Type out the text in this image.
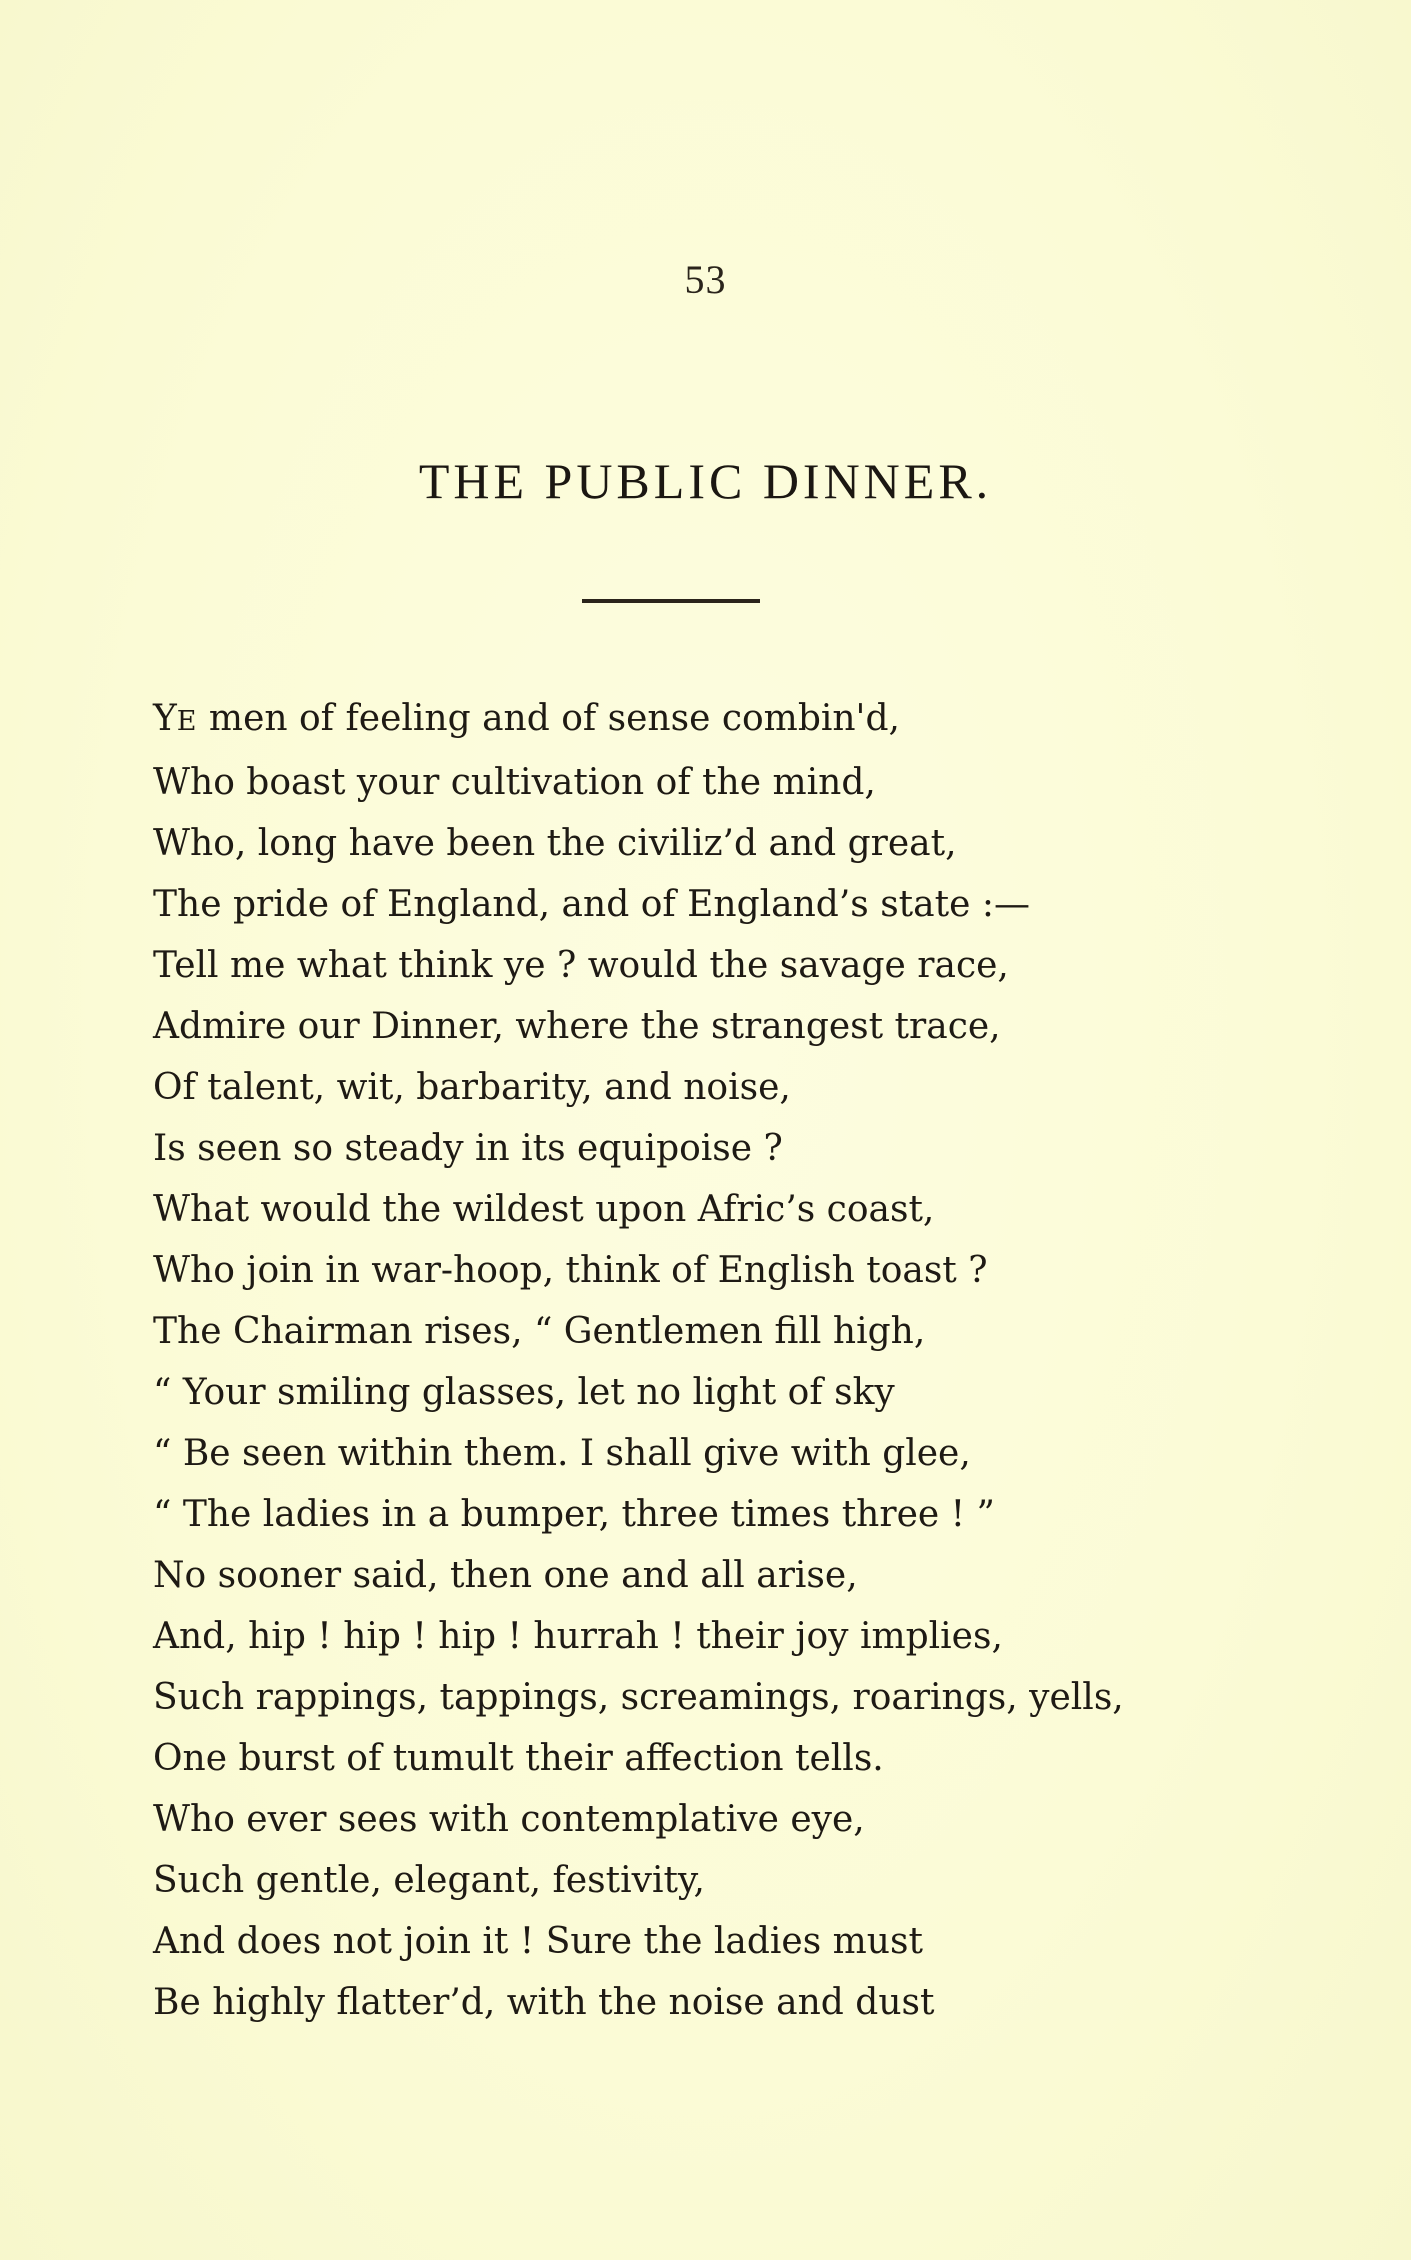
53
THE PUBLIC DINNER.
YE men of feeling and of sense combin'd,
Who boast your cultivation of the mind,
Who, long have been the civiliz’d and great,
The pride of England, and of England’s state :—
Tell me what think ye ? would the savage race,
Admire our Dinner, where the strangest trace,
Of talent, wit, barbarity, and noise,
Is seen so steady in its equipoise ?
What would the wildest upon Afric’s coast,
Who join in war-hoop, think of English toast ?
The Chairman rises, “ Gentlemen fill high,
“ Your smiling glasses, let no light of sky
“ Be seen within them. I shall give with glee,
“ The ladies in a bumper, three times three ! ”
No sooner said, then one and all arise,
And, hip ! hip ! hip ! hurrah ! their joy implies,
Such rappings, tappings, screamings, roarings, yells,
One burst of tumult their affection tells.
Who ever sees with contemplative eye,
Such gentle, elegant, festivity,
And does not join it ! Sure the ladies must
Be highly flatter’d, with the noise and dust
